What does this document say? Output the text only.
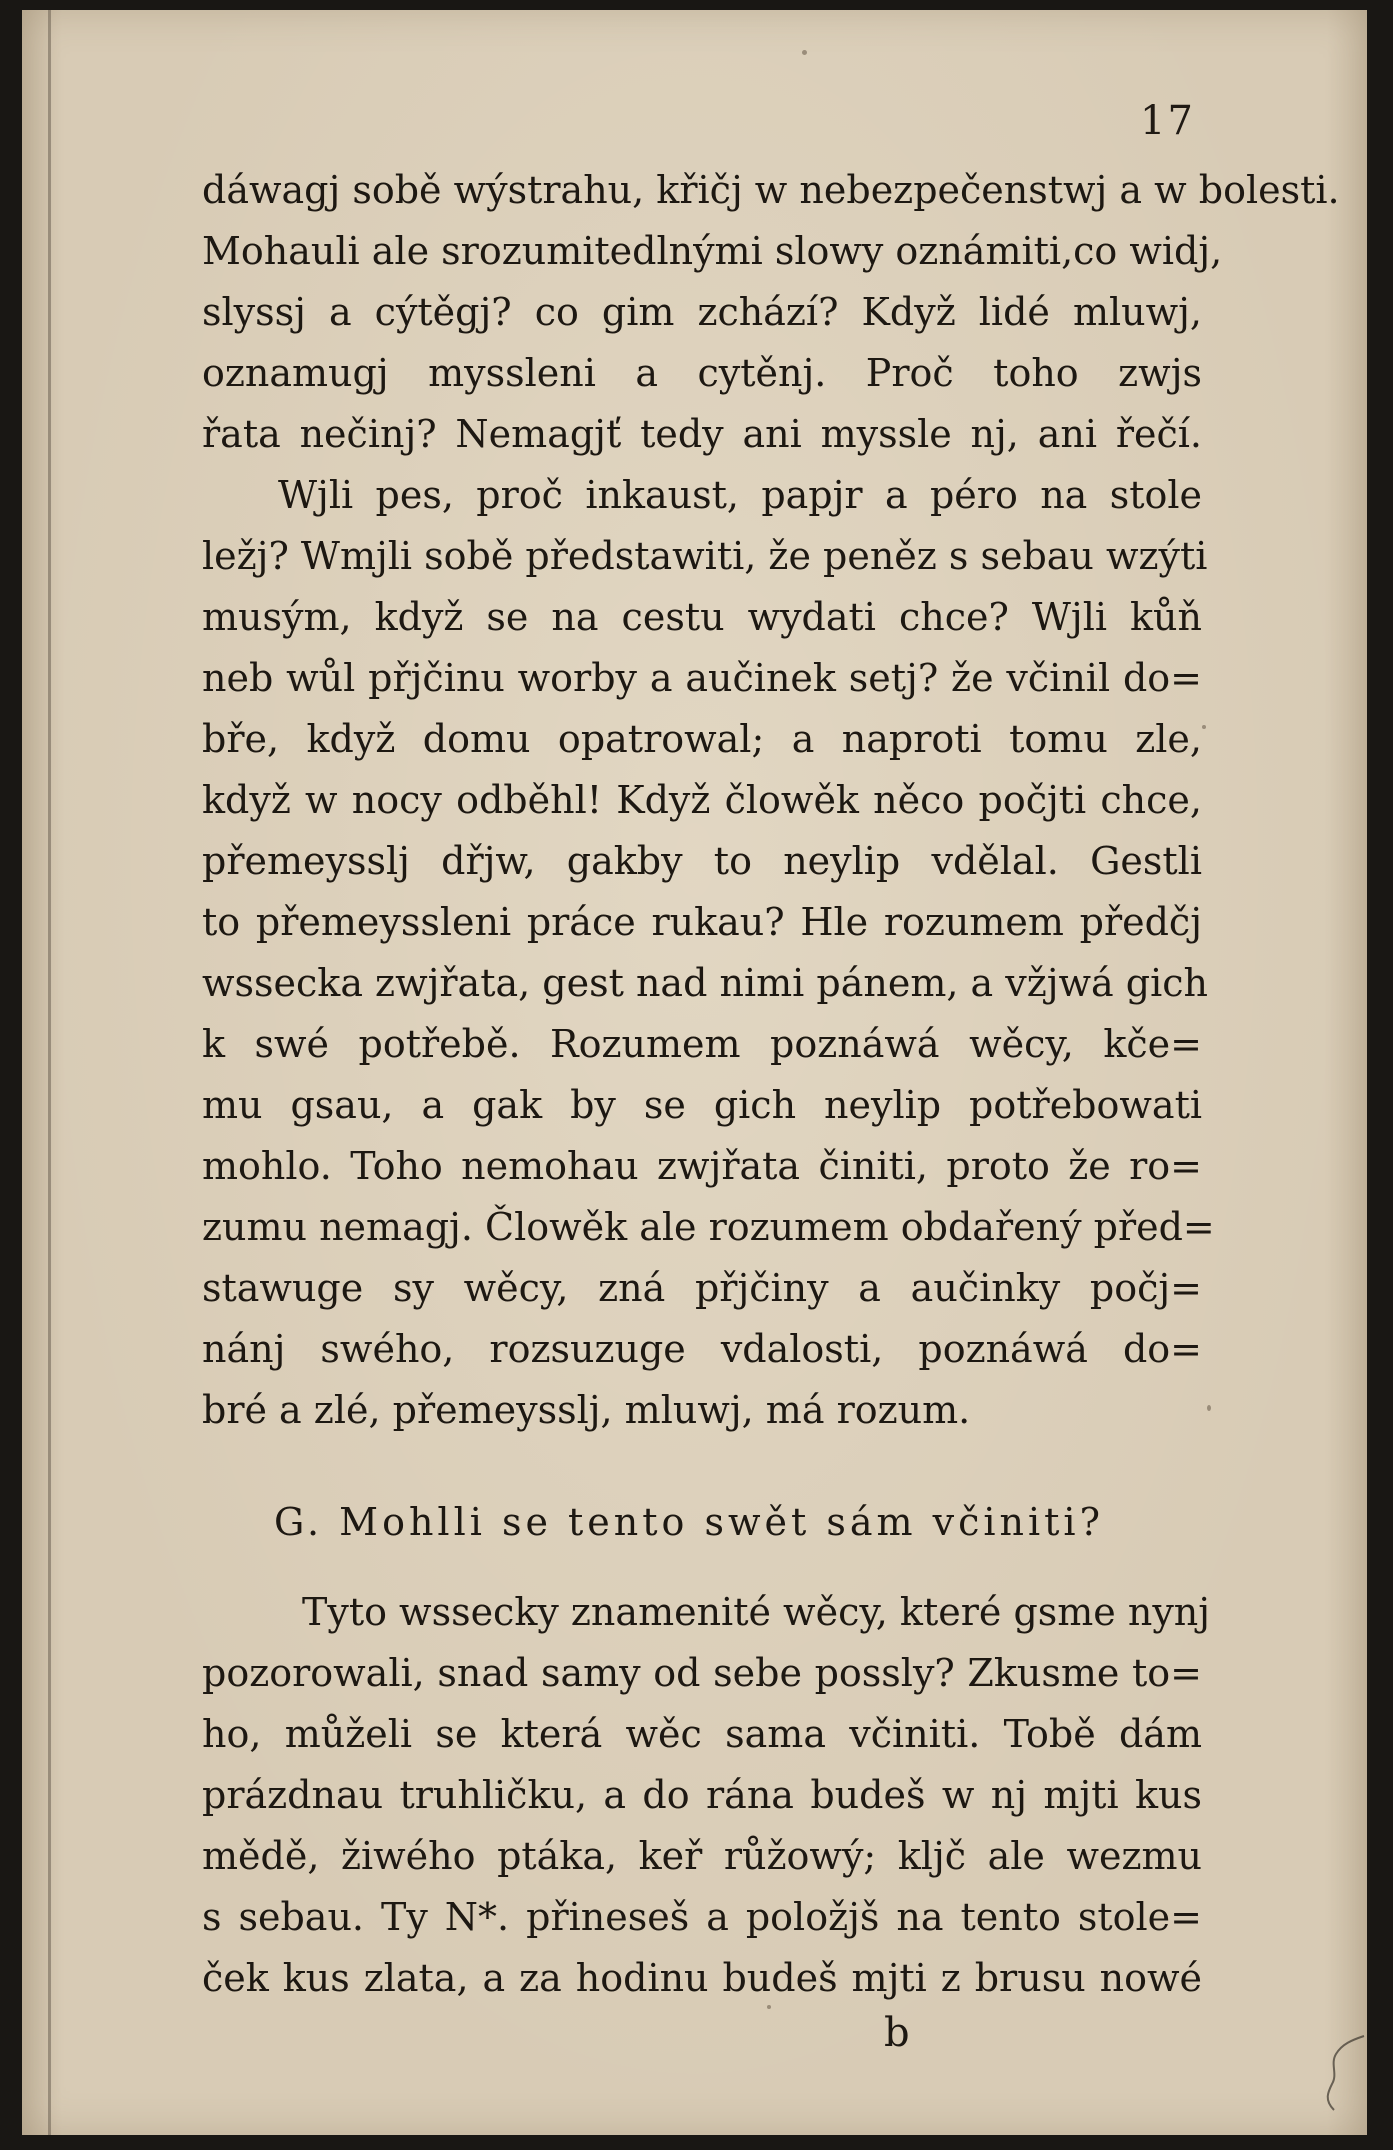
17
dáwagj sobě wýstrahu, křičj w nebezpečenstwj a w bolesti.
Mohauli ale srozumitedlnými slowy oznámiti,co widj,
slyssj a cýtěgj? co gim zchází? Když lidé mluwj,
oznamugj myssleni a cytěnj. Proč toho zwjs
řata nečinj? Nemagjť tedy ani myssle nj, ani řečí.
Wjli pes, proč inkaust, papjr a péro na stole
ležj? Wmjli sobě předstawiti, že peněz s sebau wzýti
musým, když se na cestu wydati chce? Wjli kůň
neb wůl přjčinu worby a aučinek setj? že včinil do=
bře, když domu opatrowal; a naproti tomu zle,
když w nocy odběhl! Když člowěk něco počjti chce,
přemeysslj dřjw, gakby to neylip vdělal. Gestli
to přemeyssleni práce rukau? Hle rozumem předčj
wssecka zwjřata, gest nad nimi pánem, a vžjwá gich
k swé potřebě. Rozumem poznáwá wěcy, kče=
mu gsau, a gak by se gich neylip potřebowati
mohlo. Toho nemohau zwjřata činiti, proto že ro=
zumu nemagj. Člowěk ale rozumem obdařený před=
stawuge sy wěcy, zná přjčiny a aučinky počj=
nánj swého, rozsuzuge vdalosti, poznáwá do=
bré a zlé, přemeysslj, mluwj, má rozum.
G. Mohlli se tento swět sám včiniti?
Tyto wssecky znamenité wěcy, které gsme nynj
pozorowali, snad samy od sebe possly? Zkusme to=
ho, můželi se která wěc sama včiniti. Tobě dám
prázdnau truhličku, a do rána budeš w nj mjti kus
mědě, žiwého ptáka, keř růžowý; kljč ale wezmu
s sebau. Ty N*. přineseš a položjš na tento stole=
ček kus zlata, a za hodinu budeš mjti z brusu nowé
b
